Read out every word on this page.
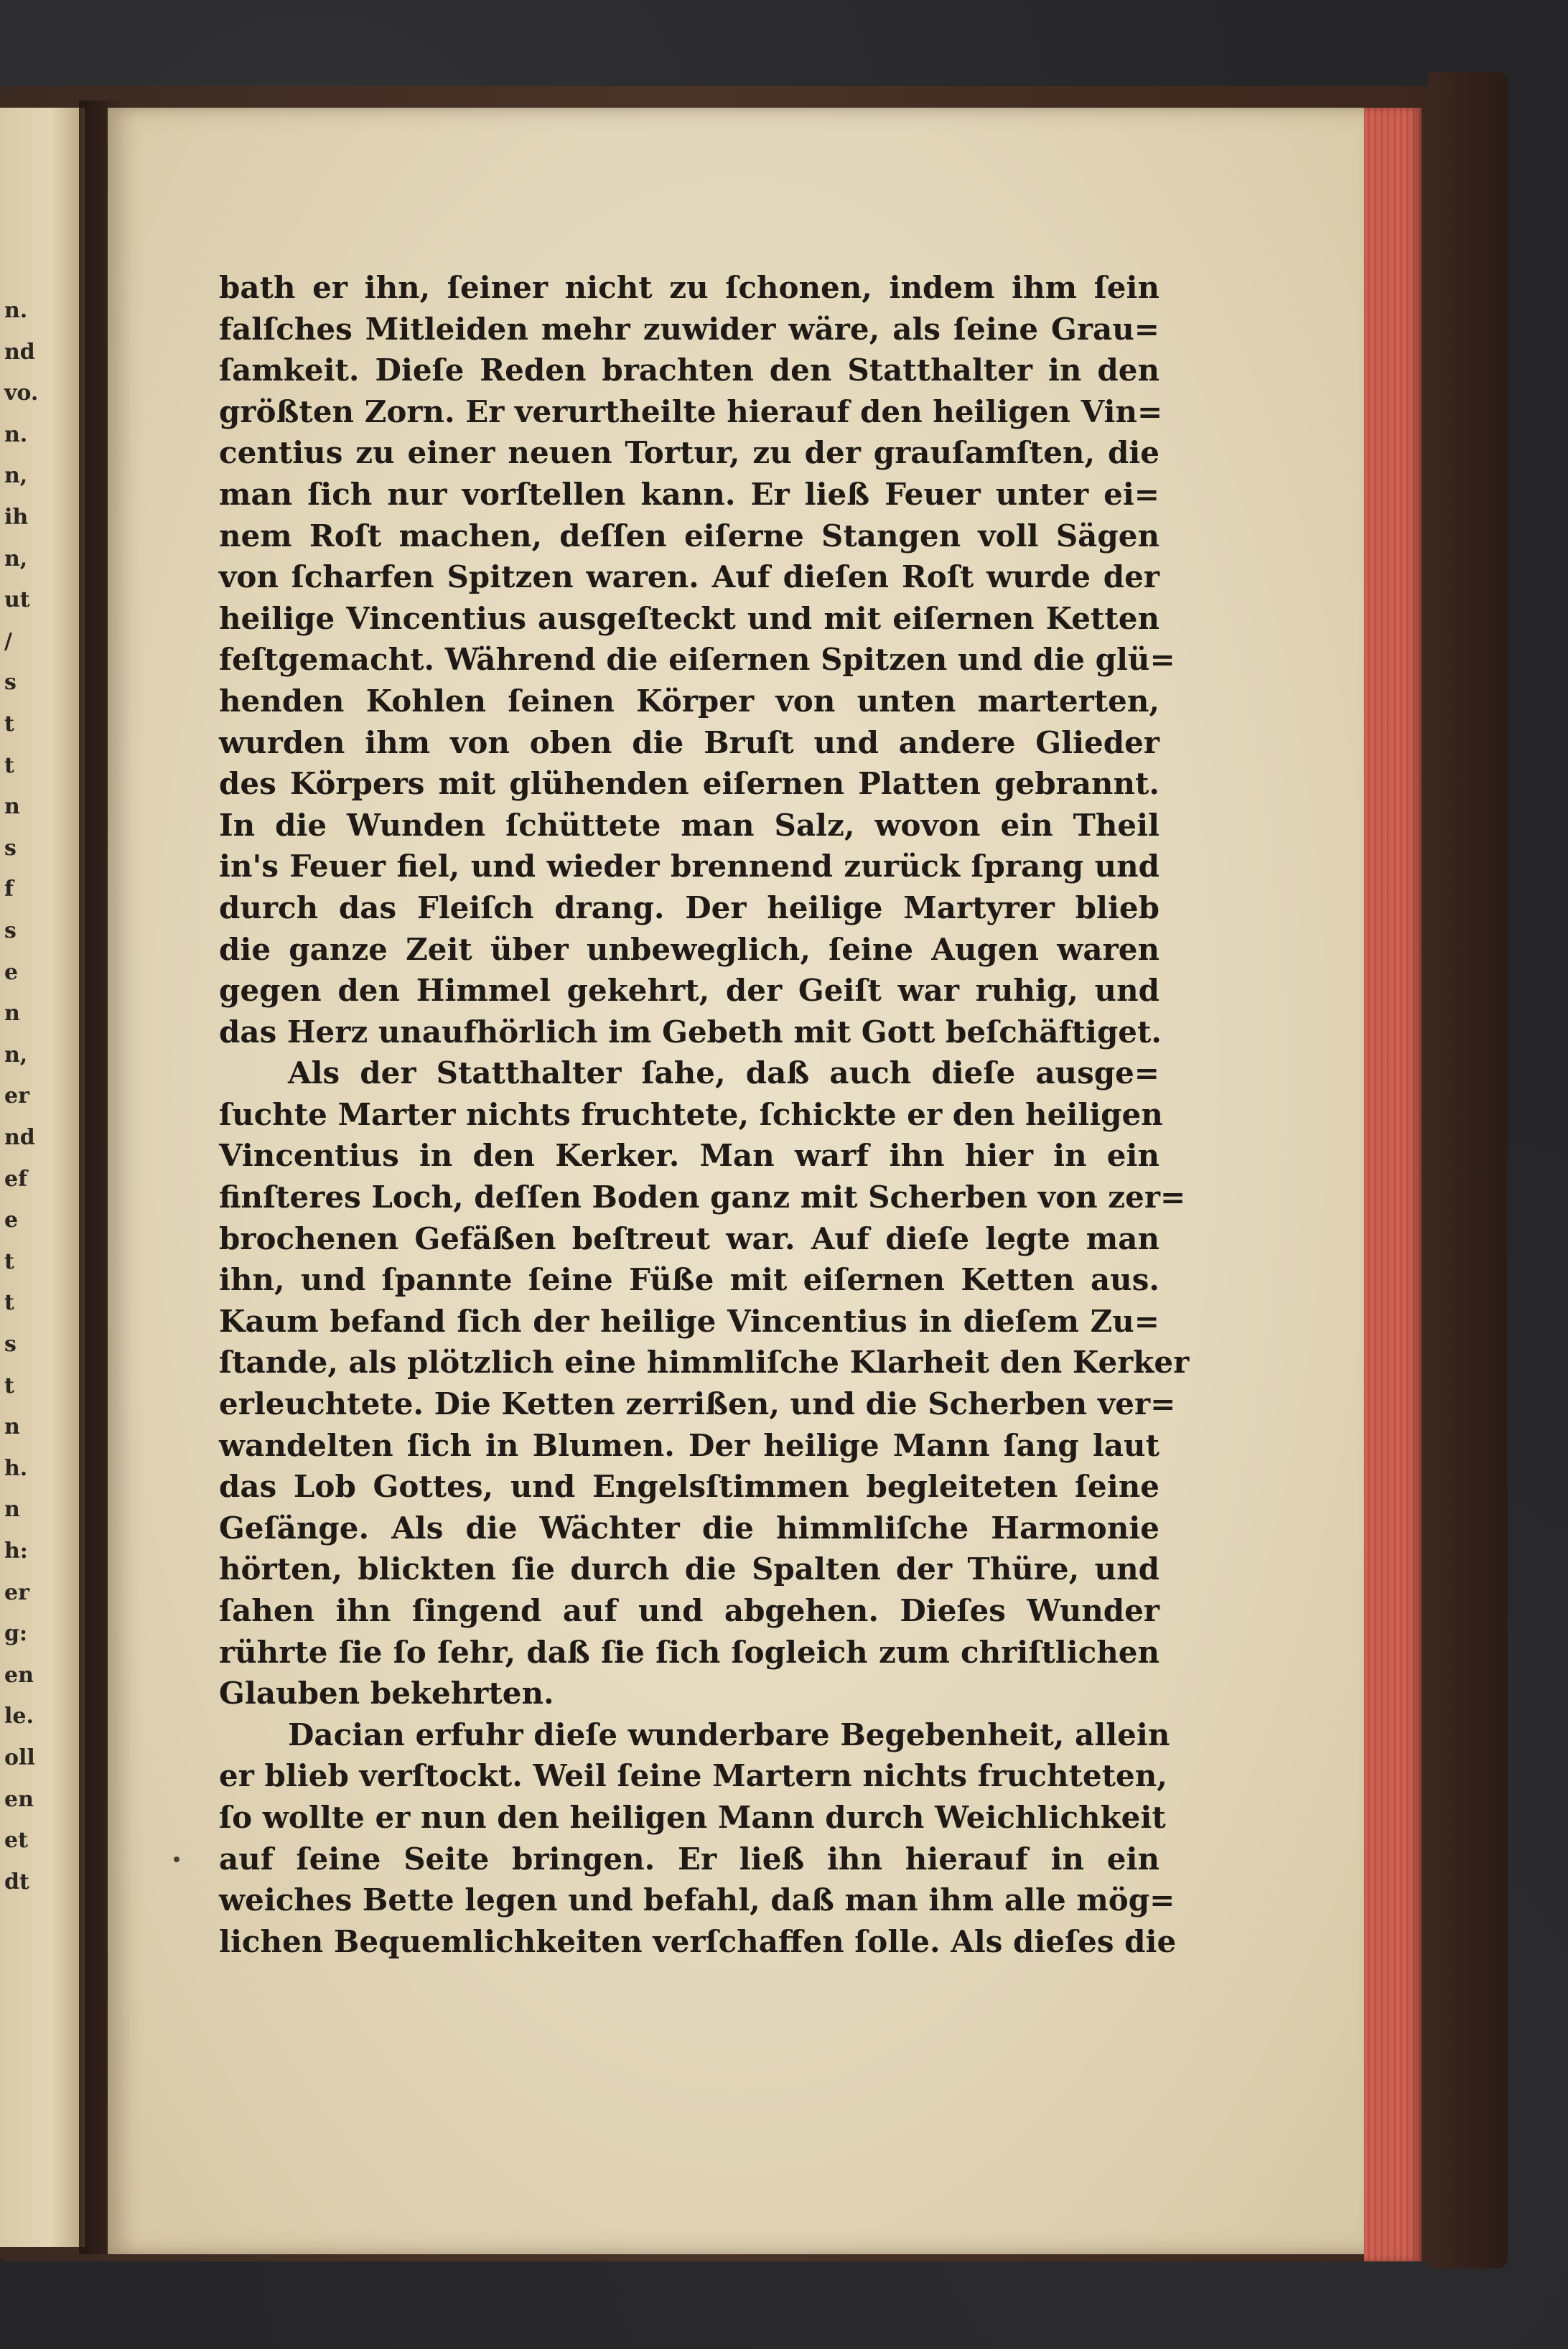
n.
nd
vo.
n.
n,
ih
n,
ut
/
s
t
t
n
s
f
s
e
n
n,
er
nd
ef
e
t
t
s
t
n
h.
n
h:
er
g:
en
le.
oll
en
et
dt
bath er ihn, ſeiner nicht zu ſchonen, indem ihm ſein
falſches Mitleiden mehr zuwider wäre, als ſeine Grau=
ſamkeit. Dieſe Reden brachten den Statthalter in den
größten Zorn. Er verurtheilte hierauf den heiligen Vin=
centius zu einer neuen Tortur, zu der grauſamſten, die
man ſich nur vorſtellen kann. Er ließ Feuer unter ei=
nem Roſt machen, deſſen eiſerne Stangen voll Sägen
von ſcharfen Spitzen waren. Auf dieſen Roſt wurde der
heilige Vincentius ausgeſteckt und mit eiſernen Ketten
feſtgemacht. Während die eiſernen Spitzen und die glü=
henden Kohlen ſeinen Körper von unten marterten,
wurden ihm von oben die Bruſt und andere Glieder
des Körpers mit glühenden eiſernen Platten gebrannt.
In die Wunden ſchüttete man Salz, wovon ein Theil
in's Feuer fiel, und wieder brennend zurück ſprang und
durch das Fleiſch drang. Der heilige Martyrer blieb
die ganze Zeit über unbeweglich, ſeine Augen waren
gegen den Himmel gekehrt, der Geiſt war ruhig, und
das Herz unaufhörlich im Gebeth mit Gott beſchäftiget.
Als der Statthalter ſahe, daß auch dieſe ausge=
ſuchte Marter nichts fruchtete, ſchickte er den heiligen
Vincentius in den Kerker. Man warf ihn hier in ein
finſteres Loch, deſſen Boden ganz mit Scherben von zer=
brochenen Gefäßen beſtreut war. Auf dieſe legte man
ihn, und ſpannte ſeine Füße mit eiſernen Ketten aus.
Kaum befand ſich der heilige Vincentius in dieſem Zu=
ſtande, als plötzlich eine himmliſche Klarheit den Kerker
erleuchtete. Die Ketten zerrißen, und die Scherben ver=
wandelten ſich in Blumen. Der heilige Mann ſang laut
das Lob Gottes, und Engelsſtimmen begleiteten ſeine
Geſänge. Als die Wächter die himmliſche Harmonie
hörten, blickten ſie durch die Spalten der Thüre, und
ſahen ihn ſingend auf und abgehen. Dieſes Wunder
rührte ſie ſo ſehr, daß ſie ſich ſogleich zum chriſtlichen
Glauben bekehrten.
Dacian erfuhr dieſe wunderbare Begebenheit, allein
er blieb verſtockt. Weil ſeine Martern nichts fruchteten,
ſo wollte er nun den heiligen Mann durch Weichlichkeit
auf ſeine Seite bringen. Er ließ ihn hierauf in ein
weiches Bette legen und befahl, daß man ihm alle mög=
lichen Bequemlichkeiten verſchaffen ſolle. Als dieſes die
